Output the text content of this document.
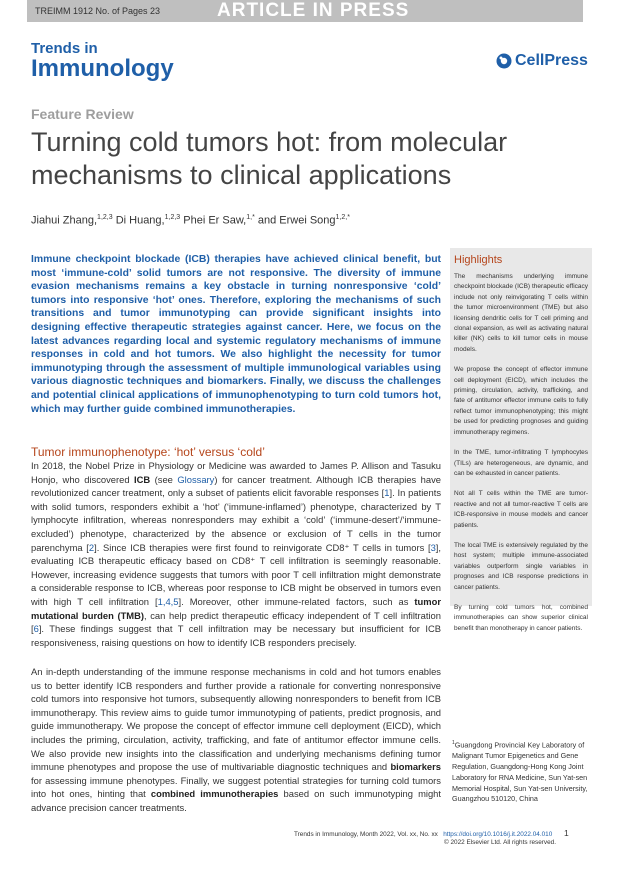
TREIMM 1912 No. of Pages 23	ARTICLE IN PRESS
Trends in
Immunology	CellPress
Feature Review
Turning cold tumors hot: from molecular mechanisms to clinical applications
Jiahui Zhang,$^{1,2,3}$ Di Huang,$^{1,2,3}$ Phei Er Saw,$^{1,*}$ and Erwei Song$^{1,2,*}$

Immune checkpoint blockade (ICB) therapies have achieved clinical benefit, but most ‘immune-cold’ solid tumors are not responsive. The diversity of immune evasion mechanisms remains a key obstacle in turning nonresponsive ‘cold’ tumors into responsive ‘hot’ ones. Therefore, exploring the mechanisms of such transitions and tumor immunotyping can provide significant insights into designing effective therapeutic strategies against cancer. Here, we focus on the latest advances regarding local and systemic regulatory mechanisms of immune responses in cold and hot tumors. We also highlight the necessity for tumor immunotyping through the assessment of multiple immunological variables using various diagnostic techniques and biomarkers. Finally, we discuss the challenges and potential clinical applications of immunophenotyping to turn cold tumors hot, which may further guide combined immunotherapies.

Tumor immunophenotype: ‘hot’ versus ‘cold’

In 2018, the Nobel Prize in Physiology or Medicine was awarded to James P. Allison and Tasuku Honjo, who discovered ICB (see Glossary) for cancer treatment. Although ICB therapies have revolutionized cancer treatment, only a subset of patients elicit favorable responses [1]. In patients with solid tumors, responders exhibit a ‘hot’ (‘immune-inflamed’) phenotype, characterized by T lymphocyte infiltration, whereas nonresponders may exhibit a ‘cold’ (‘immune-desert’/‘immune-excluded’) phenotype, characterized by the absence or exclusion of T cells in the tumor parenchyma [2]. Since ICB therapies were first found to reinvigorate CD8⁺ T cells in tumors [3], evaluating ICB therapeutic efficacy based on CD8⁺ T cell infiltration is seemingly reasonable. However, increasing evidence suggests that tumors with poor T cell infiltration might demonstrate a considerable response to ICB, whereas poor response to ICB might be observed in tumors even with high T cell infiltration [1,4,5]. Moreover, other immune-related factors, such as tumor mutational burden (TMB), can help predict therapeutic efficacy independent of T cell infiltration [6]. These findings suggest that T cell infiltration may be necessary but insufficient for ICB responsiveness, raising questions on how to identify ICB responders precisely.

An in-depth understanding of the immune response mechanisms in cold and hot tumors enables us to better identify ICB responders and further provide a rationale for converting nonresponsive cold tumors into responsive hot tumors, subsequently allowing nonresponders to benefit from ICB immunotherapy. This review aims to guide tumor immunotyping of patients, predict prognosis, and guide immunotherapy. We propose the concept of effector immune cell deployment (EICD), which includes the priming, circulation, activity, trafficking, and fate of antitumor effector immune cells. We also provide new insights into the classification and underlying mechanisms defining tumor immune phenotypes and propose the use of multivariable diagnostic techniques and biomarkers for assessing immune phenotypes. Finally, we suggest potential strategies for turning cold tumors into hot ones, hinting that combined immunotherapies based on such immunotyping might advance precision cancer treatments.

Highlights

The mechanisms underlying immune checkpoint blockade (ICB) therapeutic efficacy include not only reinvigorating T cells within the tumor microenvironment (TME) but also licensing dendritic cells for T cell priming and clonal expansion, as well as activating natural killer (NK) cells to kill tumor cells in mouse models.

We propose the concept of effector immune cell deployment (EICD), which includes the priming, circulation, activity, trafficking, and fate of antitumor effector immune cells to fully reflect tumor immunophenotyping; this might be used for predicting prognoses and guiding immunotherapy regimens.

In the TME, tumor-infiltrating T lymphocytes (TILs) are heterogeneous, are dynamic, and can be exhausted in cancer patients.

Not all T cells within the TME are tumor-reactive and not all tumor-reactive T cells are ICB-responsive in mouse models and cancer patients.

The local TME is extensively regulated by the host system; multiple immune-associated variables outperform single variables in prognoses and ICB response predictions in cancer patients.

By turning cold tumors hot, combined immunotherapies can show superior clinical benefit than monotherapy in cancer patients.

$^1$Guangdong Provincial Key Laboratory of Malignant Tumor Epigenetics and Gene Regulation, Guangdong-Hong Kong Joint Laboratory for RNA Medicine, Sun Yat-sen Memorial Hospital, Sun Yat-sen University, Guangzhou 510120, China
Trends in Immunology, Month 2022, Vol. xx, No. xx https://doi.org/10.1016/j.it.2022.04.010 1
© 2022 Elsevier Ltd. All rights reserved.
